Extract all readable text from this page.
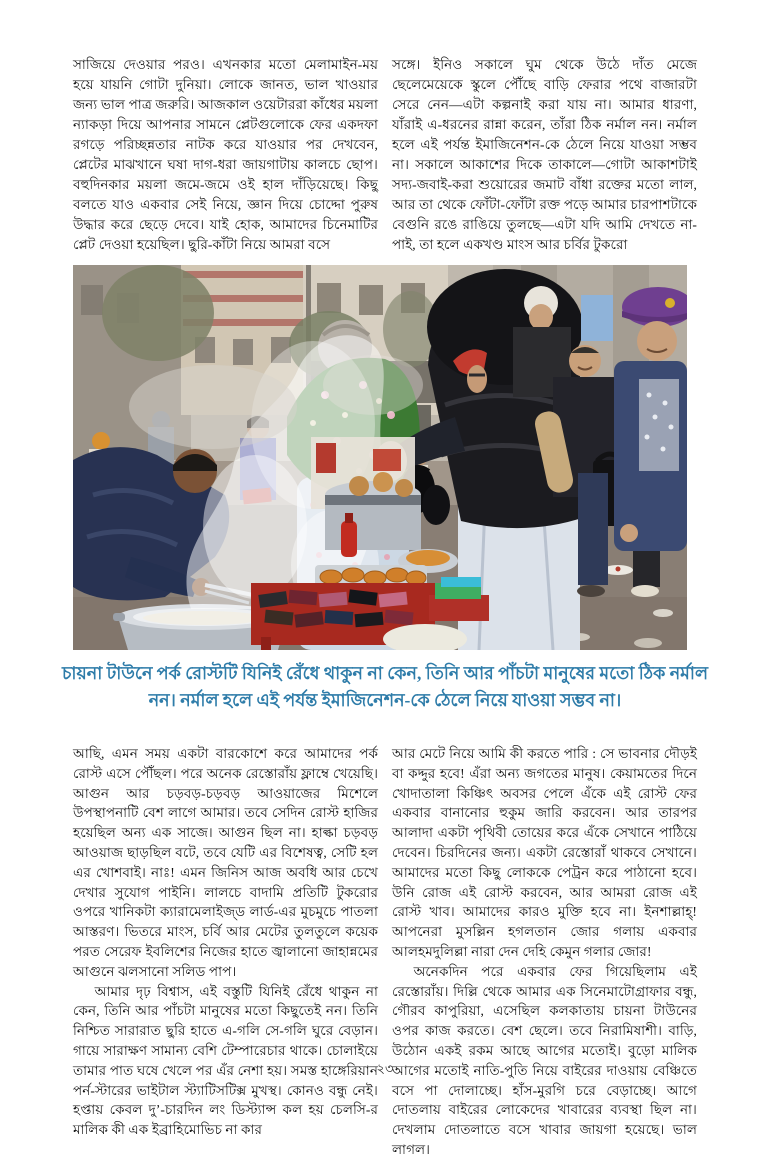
সাজিয়ে দেওয়ার পরও। এখনকার মতো মেলামাইন-ময় হয়ে যায়নি গোটা দুনিয়া। লোকে জানত, ভাল খাওয়ার জন্য ভাল পাত্র জরুরি। আজকাল ওয়েটাররা কাঁধের ময়লা ন্যাকড়া দিয়ে আপনার সামনে প্লেটগুলোকে ফের একদফা রগড়ে পরিচ্ছন্নতার নাটক করে যাওয়ার পর দেখবেন, প্লেটের মাঝখানে ঘষা দাগ-ধরা জায়গাটায় কালচে ছোপ। বহুদিনকার ময়লা জমে-জমে ওই হাল দাঁড়িয়েছে। কিছু বলতে যাও একবার সেই নিয়ে, জ্ঞান দিয়ে চোদ্দো পুরুষ উদ্ধার করে ছেড়ে দেবে। যাই হোক, আমাদের চিনেমাটির প্লেট দেওয়া হয়েছিল। ছুরি-কাঁটা নিয়ে আমরা বসে

সঙ্গে। ইনিও সকালে ঘুম থেকে উঠে দাঁত মেজে ছেলেমেয়েকে স্কুলে পৌঁছে বাড়ি ফেরার পথে বাজারটা সেরে নেন—এটা কল্পনাই করা যায় না। আমার ধারণা, যাঁরাই এ-ধরনের রান্না করেন, তাঁরা ঠিক নর্মাল নন। নর্মাল হলে এই পর্যন্ত ইমাজিনেশন-কে ঠেলে নিয়ে যাওয়া সম্ভব না। সকালে আকাশের দিকে তাকালে—গোটা আকাশটাই সদ্য-জবাই-করা শুয়োরের জমাট বাঁধা রক্তের মতো লাল, আর তা থেকে ফোঁটা-ফোঁটা রক্ত পড়ে আমার চারপাশটাকে বেগুনি রঙে রাঙিয়ে তুলছে—এটা যদি আমি দেখতে না-পাই, তা হলে একখণ্ড মাংস আর চর্বির টুকরো

চায়না টাউনে পর্ক রোস্টটি যিনিই রেঁধে থাকুন না কেন, তিনি আর পাঁচটা মানুষের মতো ঠিক নর্মাল
নন। নর্মাল হলে এই পর্যন্ত ইমাজিনেশন-কে ঠেলে নিয়ে যাওয়া সম্ভব না।

আছি, এমন সময় একটা বারকোশে করে আমাদের পর্ক রোস্ট এসে পৌঁছল। পরে অনেক রেস্তোরাঁয় ফ্লাম্বে খেয়েছি। আগুন আর চড়বড়-চড়বড় আওয়াজের মিশেলে উপস্থাপনাটি বেশ লাগে আমার। তবে সেদিন রোস্ট হাজির হয়েছিল অন্য এক সাজে। আগুন ছিল না। হাল্কা চড়বড় আওয়াজ ছাড়ছিল বটে, তবে যেটি এর বিশেষত্ব, সেটি হল এর খোশবাই। নাঃ! এমন জিনিস আজ অবধি আর চেখে দেখার সুযোগ পাইনি। লালচে বাদামি প্রতিটি টুকরোর ওপরে খানিকটা ক্যারামেলাইজ্‌ড লার্ড-এর মুচমুচে পাতলা আস্তরণ। ভিতরে মাংস, চর্বি আর মেটের তুলতুলে কয়েক পরত সেরেফ ইবলিশের নিজের হাতে জ্বালানো জাহান্নমের আগুনে ঝলসানো সলিড পাপ।

আমার দৃঢ় বিশ্বাস, এই বস্তুটি যিনিই রেঁধে থাকুন না কেন, তিনি আর পাঁচটা মানুষের মতো কিছুতেই নন। তিনি নিশ্চিত সারারাত ছুরি হাতে এ-গলি সে-গলি ঘুরে বেড়ান। গায়ে সারাক্ষণ সামান্য বেশি টেম্পারেচার থাকে। চোলাইয়ে তামার পাত ঘষে খেলে পর এঁর নেশা হয়। সমস্ত হাঙ্গেরিয়ান পর্ন-স্টারের ভাইটাল স্ট্যাটিসটিক্স মুখস্থ। কোনও বন্ধু নেই। হপ্তায় কেবল দু’-চারদিন লং ডিস্ট্যান্স কল হয় চেলসি-র মালিক কী এক ইব্রাহিমোভিচ না কার

আর মেটে নিয়ে আমি কী করতে পারি : সে ভাবনার দৌড়ই বা কদ্দুর হবে! এঁরা অন্য জগতের মানুষ। কেয়ামতের দিনে খোদাতালা কিঞ্চিৎ অবসর পেলে এঁকে এই রোস্ট ফের একবার বানানোর হুকুম জারি করবেন। আর তারপর আলাদা একটা পৃথিবী তোয়ের করে এঁকে সেখানে পাঠিয়ে দেবেন। চিরদিনের জন্য। একটা রেস্তোরাঁ থাকবে সেখানে। আমাদের মতো কিছু লোককে পেট্রন করে পাঠানো হবে। উনি রোজ এই রোস্ট করবেন, আর আমরা রোজ এই রোস্ট খাব। আমাদের কারও মুক্তি হবে না। ইনশাল্লাহ্! আপনেরা মুসল্লিন হগলতান জোর গলায় একবার আলহমদুলিল্লা নারা দেন দেহি কেমুন গলার জোর!

অনেকদিন পরে একবার ফের গিয়েছিলাম এই রেস্তোরাঁয়। দিল্লি থেকে আমার এক সিনেমাটোগ্রাফার বন্ধু, গৌরব কাপুরিয়া, এসেছিল কলকাতায় চায়না টাউনের ওপর কাজ করতে। বেশ ছেলে। তবে নিরামিষাশী। বাড়ি, উঠোন একই রকম আছে আগের মতোই। বুড়ো মালিক আগের মতোই নাতি-পুতি নিয়ে বাইরের দাওয়ায় বেঞ্চিতে বসে পা দোলাচ্ছে। হাঁস-মুরগি চরে বেড়াচ্ছে। আগে দোতলায় বাইরের লোকেদের খাবারের ব্যবস্থা ছিল না। দেখলাম দোতলাতে বসে খাবার জায়গা হয়েছে। ভাল লাগল।

২৩
